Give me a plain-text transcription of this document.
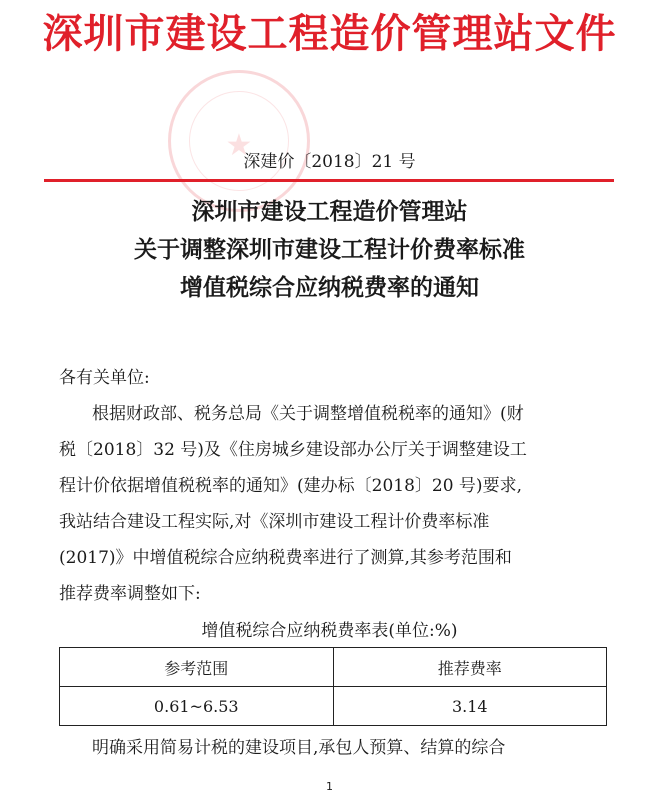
深圳市建设工程造价管理站文件
★
深建价〔2018〕21 号
深圳市建设工程造价管理站
关于调整深圳市建设工程计价费率标准
增值税综合应纳税费率的通知
各有关单位:
根据财政部、税务总局《关于调整增值税税率的通知》(财
税〔2018〕32 号)及《住房城乡建设部办公厅关于调整建设工
程计价依据增值税税率的通知》(建办标〔2018〕20 号)要求,
我站结合建设工程实际,对《深圳市建设工程计价费率标准
(2017)》中增值税综合应纳税费率进行了测算,其参考范围和
推荐费率调整如下:
增值税综合应纳税费率表(单位:%)
参考范围	推荐费率
0.61~6.53	3.14
明确采用简易计税的建设项目,承包人预算、结算的综合
1
